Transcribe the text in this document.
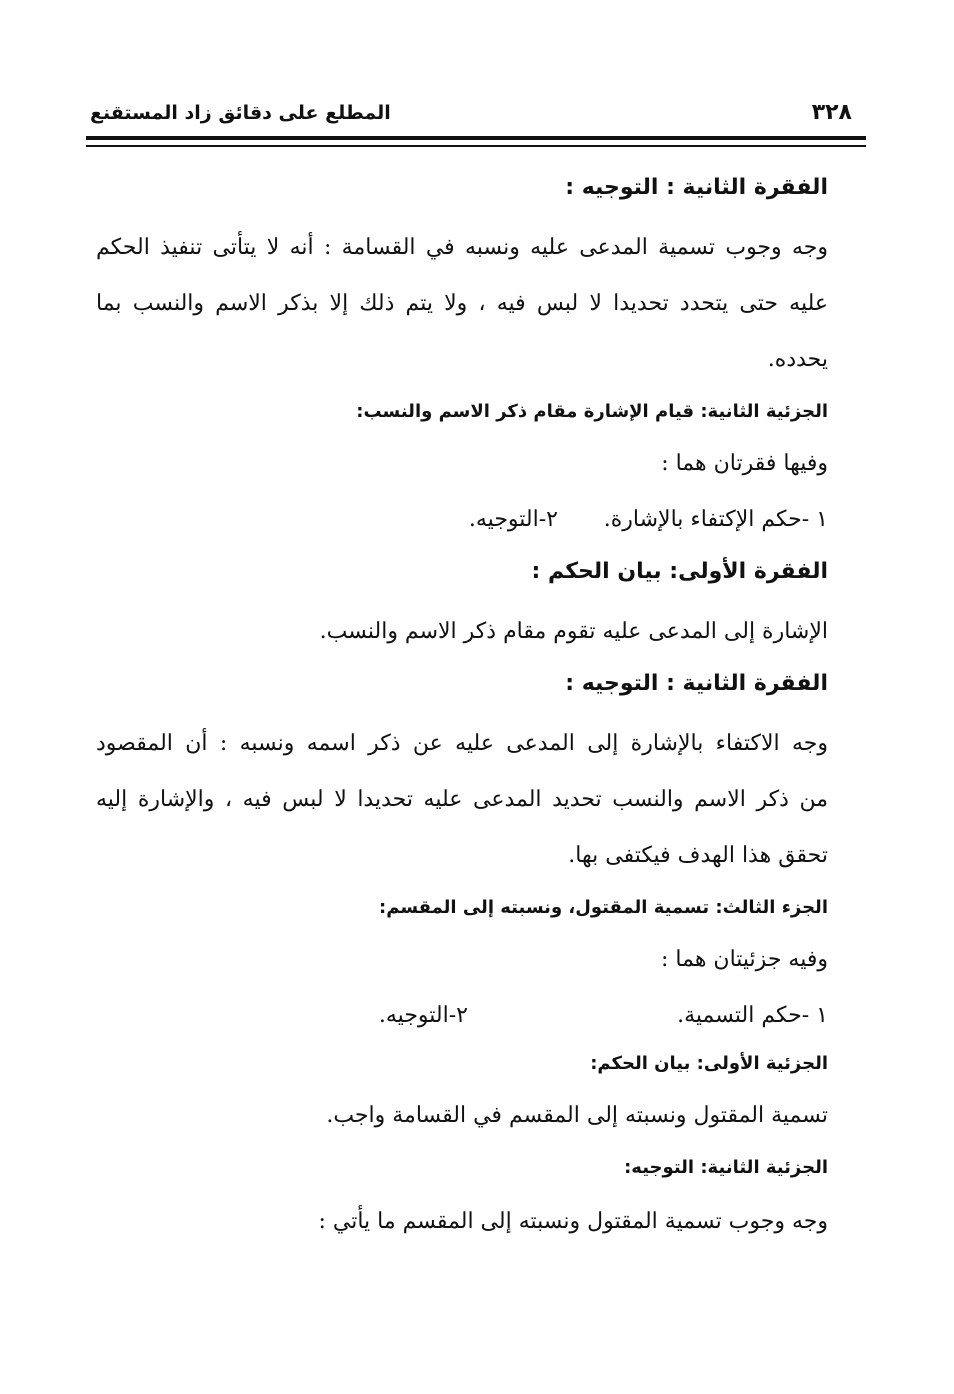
٣٢٨
المطلع على دقائق زاد المستقنع
الفقرة الثانية : التوجيه :
وجه وجوب تسمية المدعى عليه ونسبه في القسامة : أنه لا يتأتى تنفيذ الحكم
عليه حتى يتحدد تحديدا لا لبس فيه ، ولا يتم ذلك إلا بذكر الاسم والنسب بما
يحدده.
الجزئية الثانية: قيام الإشارة مقام ذكر الاسم والنسب:
وفيها فقرتان هما :
١ -حكم الإكتفاء بالإشارة.
٢-التوجيه.
الفقرة الأولى: بيان الحكم :
الإشارة إلى المدعى عليه تقوم مقام ذكر الاسم والنسب.
الفقرة الثانية : التوجيه :
وجه الاكتفاء بالإشارة إلى المدعى عليه عن ذكر اسمه ونسبه : أن المقصود
من ذكر الاسم والنسب تحديد المدعى عليه تحديدا لا لبس فيه ، والإشارة إليه
تحقق هذا الهدف فيكتفى بها.
الجزء الثالث: تسمية المقتول، ونسبته إلى المقسم:
وفيه جزئيتان هما :
١ -حكم التسمية.
٢-التوجيه.
الجزئية الأولى: بيان الحكم:
تسمية المقتول ونسبته إلى المقسم في القسامة واجب.
الجزئية الثانية: التوجيه:
وجه وجوب تسمية المقتول ونسبته إلى المقسم ما يأتي :
